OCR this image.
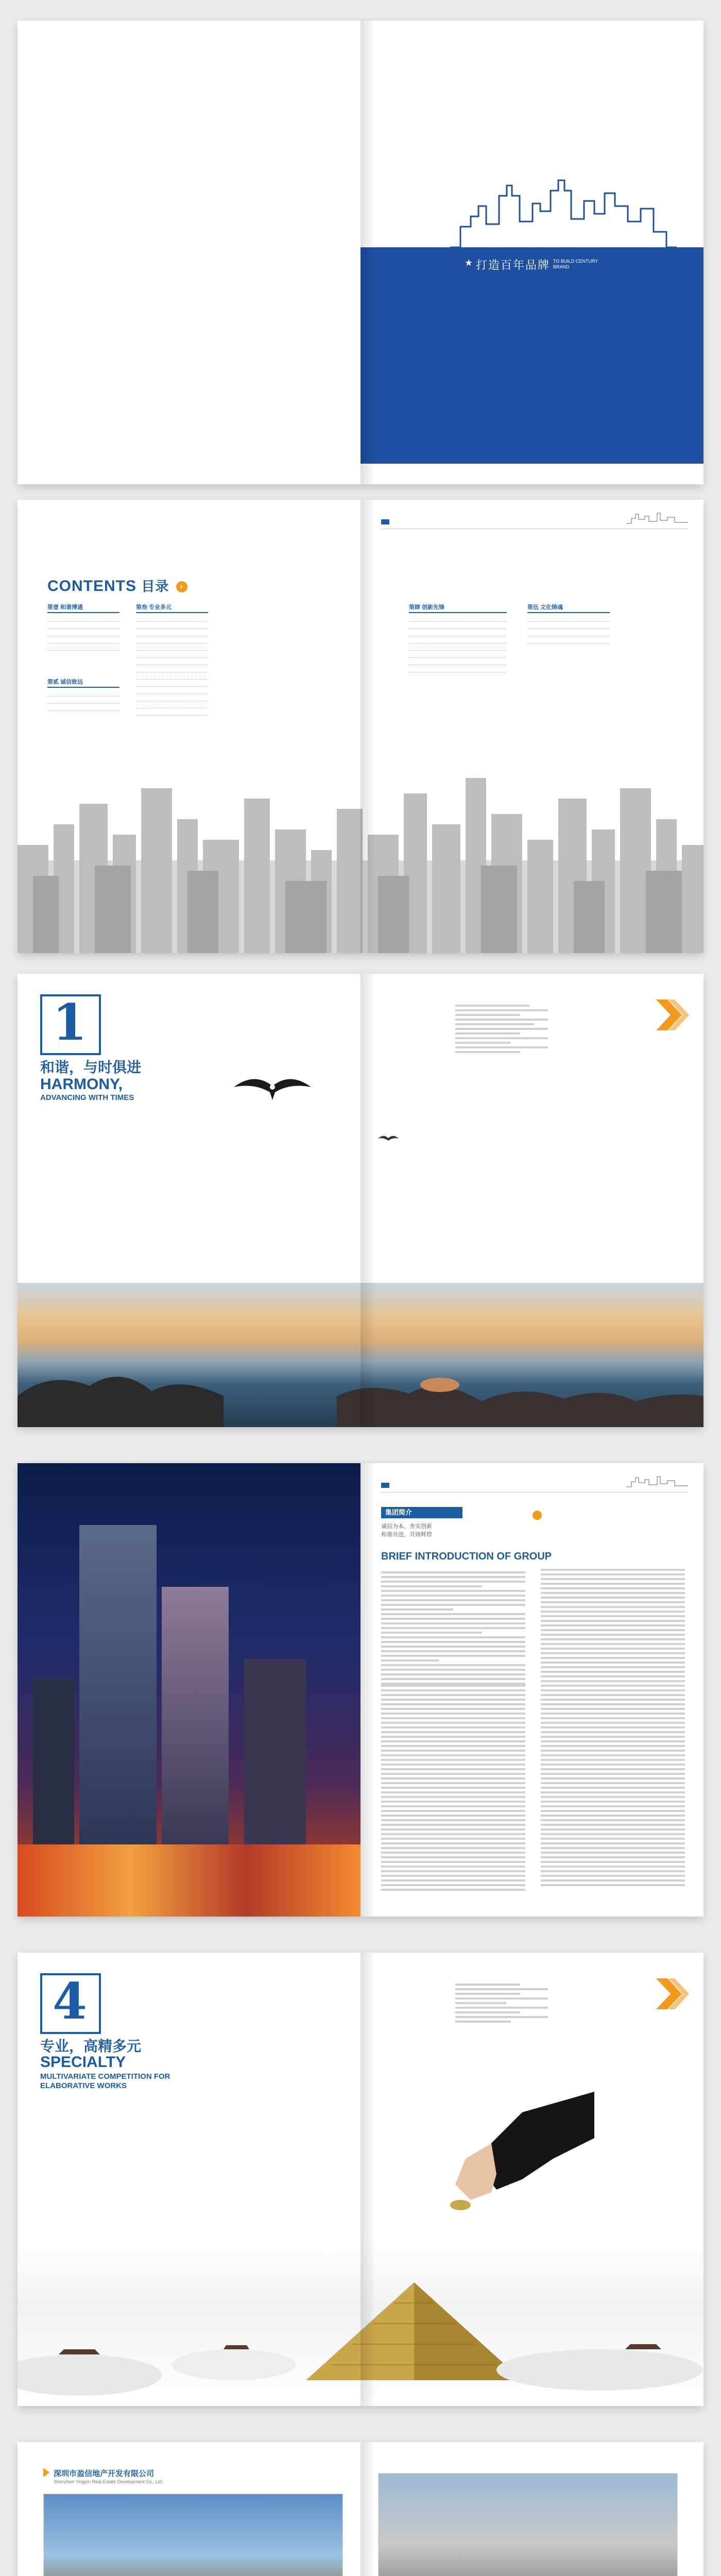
★ 打造百年品牌 TO BUILD CENTURY BRAND
CONTENTS 目录 ›
第壹 和谐博通
第贰 诚信致远
第叁 专业多元	第肆 创新先锋	第伍 文化铸魂
1
和谐，与时俱进
HARMONY,
ADVANCING WITH TIMES
集团简介
诚信为本，务实创新
和谐共进，共铸辉煌
BRIEF INTRODUCTION OF GROUP
4
专业，高精多元
SPECIALTY
MULTIVARIATE COMPETITION FOR
ELABORATIVE WORKS
深圳市盈信地产开发有限公司
Shenzhen Yingxin Real Estate Development Co., Ltd.
